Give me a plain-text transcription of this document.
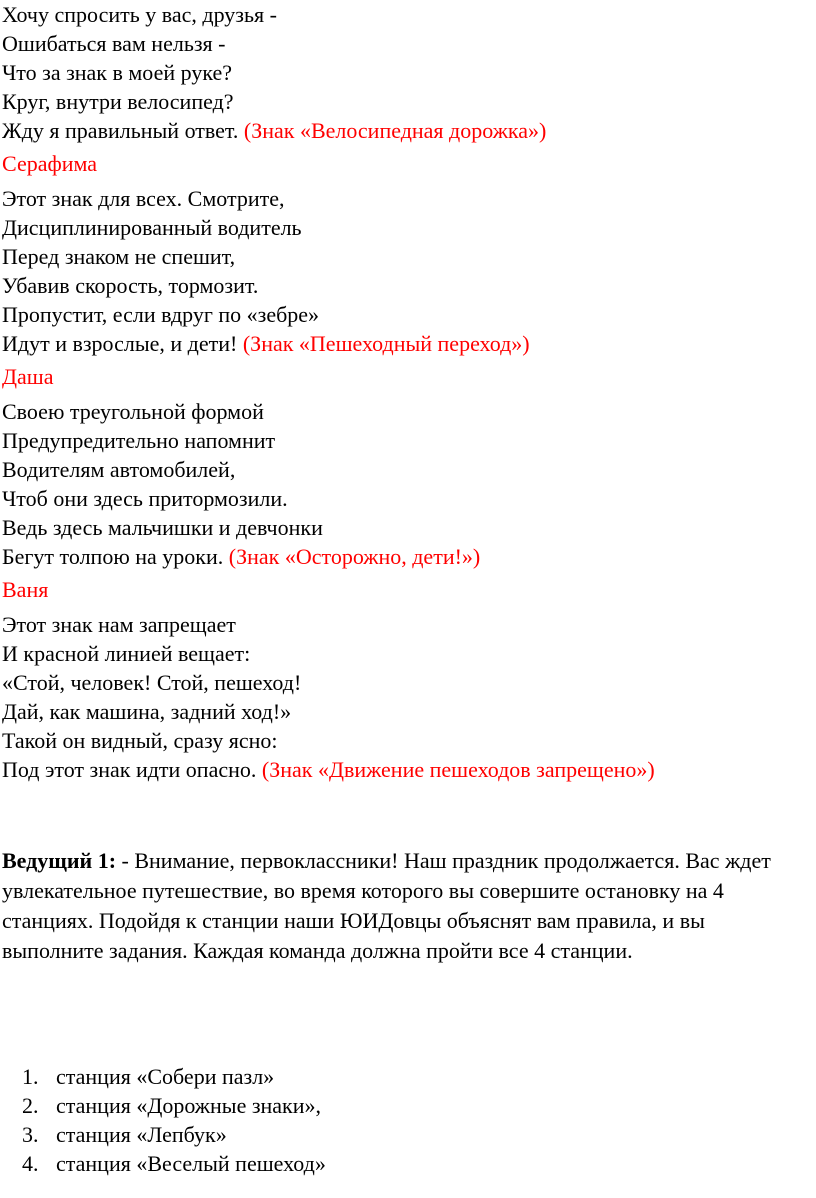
Хочу спросить у вас, друзья -
Ошибаться вам нельзя -
Что за знак в моей руке?
Круг, внутри велосипед?
Жду я правильный ответ. (Знак «Велосипедная дорожка»)
Серафима
Этот знак для всех. Смотрите,
Дисциплинированный водитель
Перед знаком не спешит,
Убавив скорость, тормозит.
Пропустит, если вдруг по «зебре»
Идут и взрослые, и дети! (Знак «Пешеходный переход»)
Даша
Своею треугольной формой
Предупредительно напомнит
Водителям автомобилей,
Чтоб они здесь притормозили.
Ведь здесь мальчишки и девчонки
Бегут толпою на уроки. (Знак «Осторожно, дети!»)
Ваня
Этот знак нам запрещает
И красной линией вещает:
«Стой, человек! Стой, пешеход!
Дай, как машина, задний ход!»
Такой он видный, сразу ясно:
Под этот знак идти опасно. (Знак «Движение пешеходов запрещено»)

Ведущий 1: - Внимание, первоклассники! Наш праздник продолжается. Вас ждет увлекательное путешествие, во время которого вы совершите остановку на 4 станциях. Подойдя к станции наши ЮИДовцы объяснят вам правила, и вы выполните задания. Каждая команда должна пройти все 4 станции.

1. станция «Собери пазл»
2. станция «Дорожные знаки»,
3. станция «Лепбук»
4. станция «Веселый пешеход»
